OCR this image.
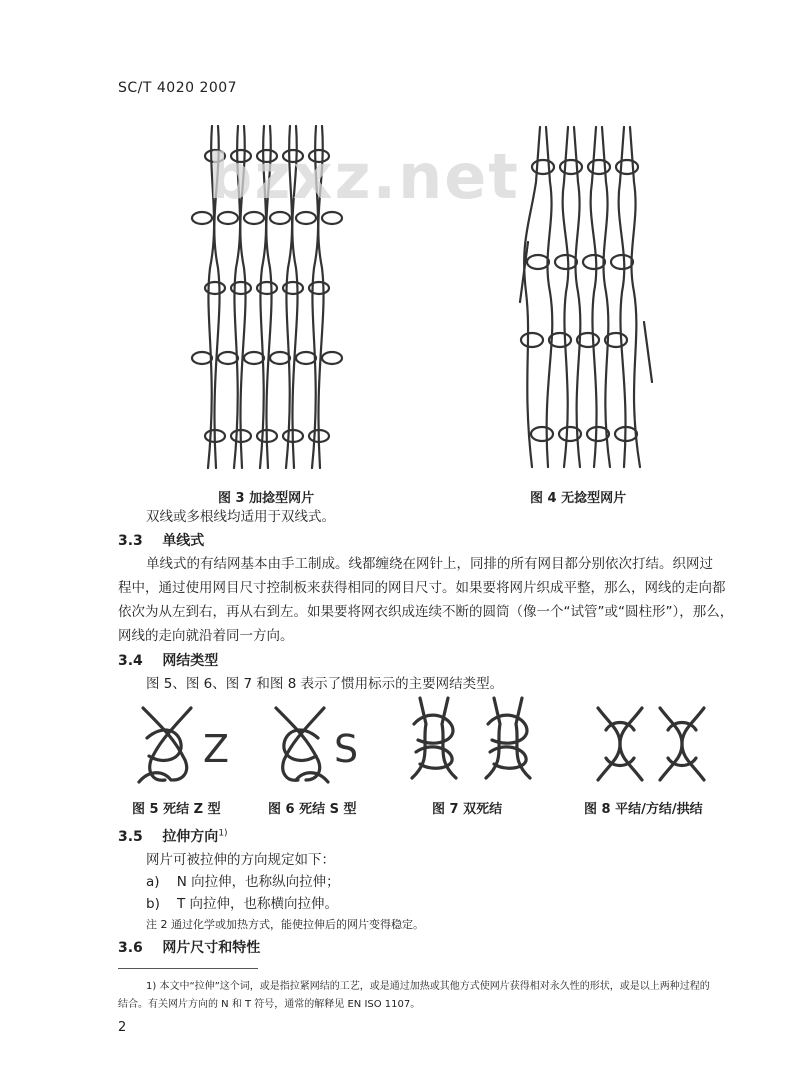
SC/T 4020 2007
bzxz.net
图 3 加捻型网片	图 4 无捻型网片
双线或多根线均适用于双线式。
3.3 单线式
单线式的有结网基本由手工制成。线都缠绕在网针上，同排的所有网目都分别依次打结。织网过
程中，通过使用网目尺寸控制板来获得相同的网目尺寸。如果要将网片织成平整，那么，网线的走向都
依次为从左到右，再从右到左。如果要将网衣织成连续不断的圆筒（像一个“试管”或“圆柱形”），那么，
网线的走向就沿着同一方向。
3.4 网结类型
图 5、图 6、图 7 和图 8 表示了惯用标示的主要网结类型。
Z	S
图 5 死结 Z 型	图 6 死结 S 型	图 7 双死结	图 8 平结/方结/拱结
3.5 拉伸方向$^{1)}$
网片可被拉伸的方向规定如下：
a) N 向拉伸，也称纵向拉伸；
b) T 向拉伸，也称横向拉伸。
注 2 通过化学或加热方式，能使拉伸后的网片变得稳定。
3.6 网片尺寸和特性
1) 本文中“拉伸”这个词，或是指拉紧网结的工艺，或是通过加热或其他方式使网片获得相对永久性的形状，或是以上两种过程的
结合。有关网片方向的 N 和 T 符号，通常的解释见 EN ISO 1107。
2
